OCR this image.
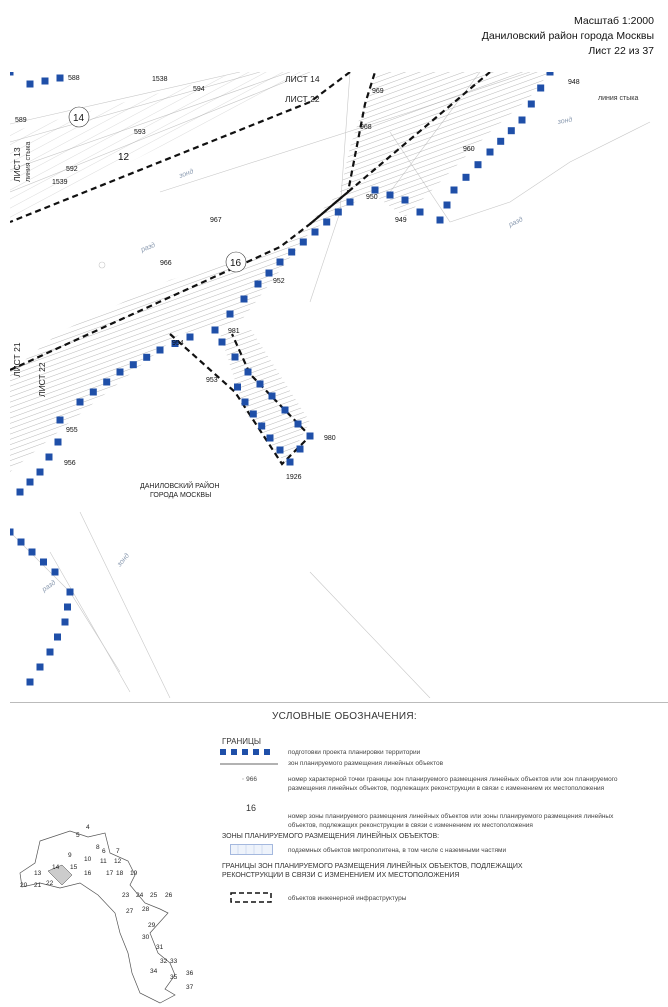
Масштаб 1:2000
Даниловский район города Москвы
Лист 22 из 37
ЛИСТ 14
ЛИСТ 22
ЛИСТ 13
ЛИСТ 21
ЛИСТ 22
линия стыка
линия стыка
14
12
16
588
589
1538
594
593
592
1539
969
968
960
948
950
949
967
966
952
981
954
953
955
956
980
1926
зонд
зонд
разд
разд
зонд
разд
ДАНИЛОВСКИЙ РАЙОН
ГОРОДА МОСКВЫ
УСЛОВНЫЕ ОБОЗНАЧЕНИЯ:
ГРАНИЦЫ
подготовки проекта планировки территории
зон планируемого размещения линейных объектов
◦ 966	номер характерной точки границы зон планируемого размещения линейных объектов или зон планируемого размещения линейных объектов, подлежащих реконструкции в связи с изменением их местоположения
16
номер зоны планируемого размещения линейных объектов или зоны планируемого размещения линейных объектов, подлежащих реконструкции в связи с изменением их местоположения
ЗОНЫ ПЛАНИРУЕМОГО РАЗМЕЩЕНИЯ ЛИНЕЙНЫХ ОБЪЕКТОВ:
подземных объектов метрополитена, в том числе с наземными частями
ГРАНИЦЫ ЗОН ПЛАНИРУЕМОГО РАЗМЕЩЕНИЯ ЛИНЕЙНЫХ ОБЪЕКТОВ, ПОДЛЕЖАЩИХ РЕКОНСТРУКЦИИ В СВЯЗИ С ИЗМЕНЕНИЕМ ИХ МЕСТОПОЛОЖЕНИЯ
объектов инженерной инфраструктуры
4
5
6 7
8
9
10 11 12
13
14 15
16 17 18 19
20 21 22
23 24 25 26
27 28
29
30
31
32 33
34
35
36
37
